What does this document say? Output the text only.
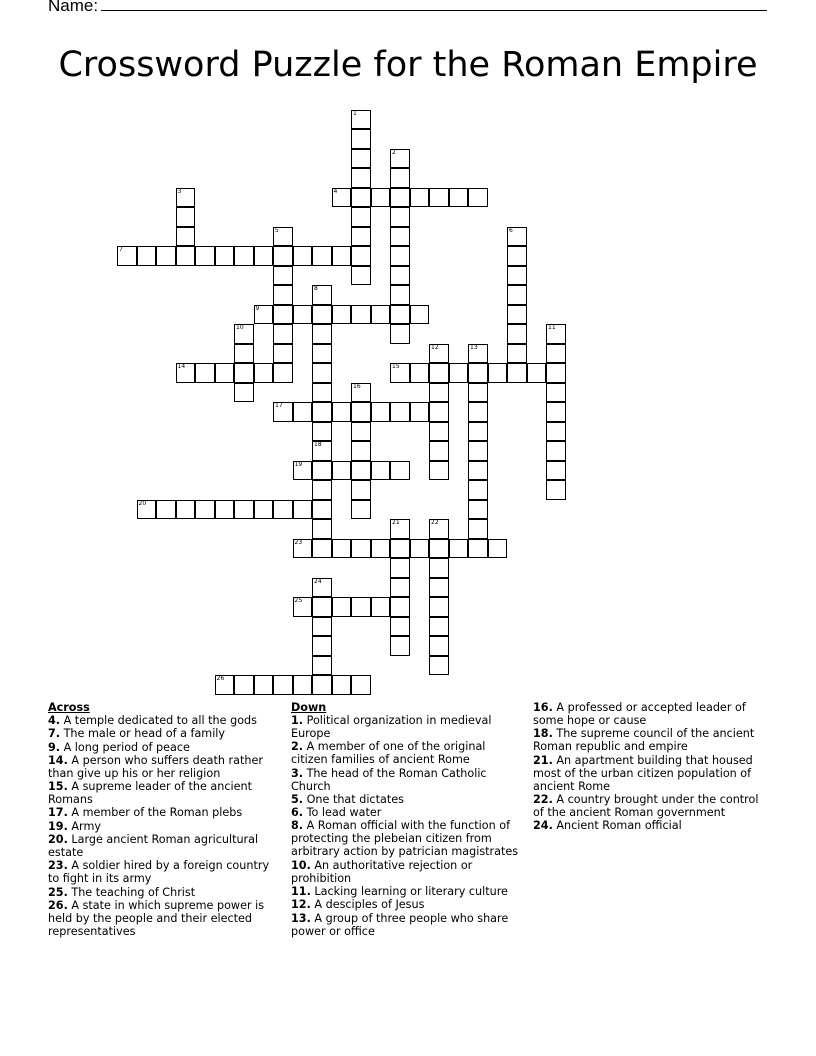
Name:
Crossword Puzzle for the Roman Empire
1
2
3	4
5	6
7
8
18
9
10	11
12	13
14	15
16
17
19
20
21	22
23
24
25
26
Across
4. A temple dedicated to all the gods
7. The male or head of a family
9. A long period of peace
14. A person who suffers death rather than give up his or her religion
15. A supreme leader of the ancient Romans
17. A member of the Roman plebs
19. Army
20. Large ancient Roman agricultural estate
23. A soldier hired by a foreign country to fight in its army
25. The teaching of Christ
26. A state in which supreme power is held by the people and their elected representatives
Down
1. Political organization in medieval Europe
2. A member of one of the original citizen families of ancient Rome
3. The head of the Roman Catholic Church
5. One that dictates
6. To lead water
8. A Roman official with the function of protecting the plebeian citizen from arbitrary action by patrician magistrates
10. An authoritative rejection or prohibition
11. Lacking learning or literary culture
12. A desciples of Jesus
13. A group of three people who share power or office
16. A professed or accepted leader of some hope or cause
18. The supreme council of the ancient Roman republic and empire
21. An apartment building that housed most of the urban citizen population of ancient Rome
22. A country brought under the control of the ancient Roman government
24. Ancient Roman official
